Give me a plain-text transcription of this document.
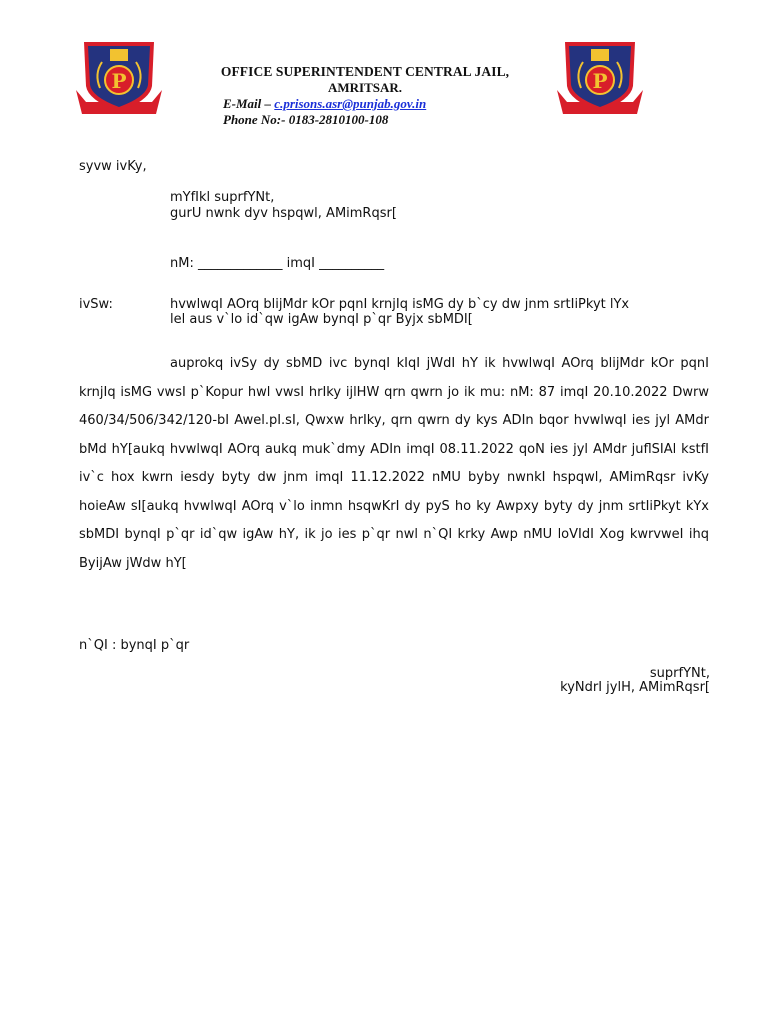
P	P
OFFICE SUPERINTENDENT CENTRAL JAIL,
AMRITSAR.
E-Mail – c.prisons.asr@punjab.gov.in
Phone No:- 0183-2810100-108
syvw ivKy,
mYfIkl suprfYNt,
gurU nwnk dyv hspqwl, AMimRqsr[
nM: _____________ imqI __________
ivSw:	hvwlwqI AOrq blijMdr kOr pqnI krnjIq isMG dy b`cy dw jnm srtIiPkyt lYx
lel aus v`lo id`qw igAw bynqI p`qr Byjx sbMDI[
auprokq ivSy dy sbMD ivc bynqI kIqI jWdI hY ik hvwlwqI AOrq blijMdr kOr pqnI krnjIq isMG vwsI p`Kopur hwl vwsI hrIky ijlHW qrn qwrn jo ik mu: nM: 87 imqI 20.10.2022 Dwrw 460/34/506/342/120-bI Awel.pI.sI, Qwxw hrIky, qrn qwrn dy kys ADIn bqor hvwlwqI ies jyl AMdr bMd hY[aukq hvwlwqI AOrq aukq muk`dmy ADIn imqI 08.11.2022 qoN ies jyl AMdr juflSIAl kstfI iv`c hox kwrn iesdy byty dw jnm imqI 11.12.2022 nMU byby nwnkI hspqwl, AMimRqsr ivKy hoieAw sI[aukq hvwlwqI AOrq v`lo inmn hsqwKrI dy pyS ho ky Awpxy byty dy jnm srtIiPkyt kYx sbMDI bynqI p`qr id`qw igAw hY, ik jo ies p`qr nwl n`QI krky Awp nMU loVIdI Xog kwrvweI ihq ByijAw jWdw hY[
n`QI : bynqI p`qr
suprfYNt,
kyNdrI jylH, AMimRqsr[
